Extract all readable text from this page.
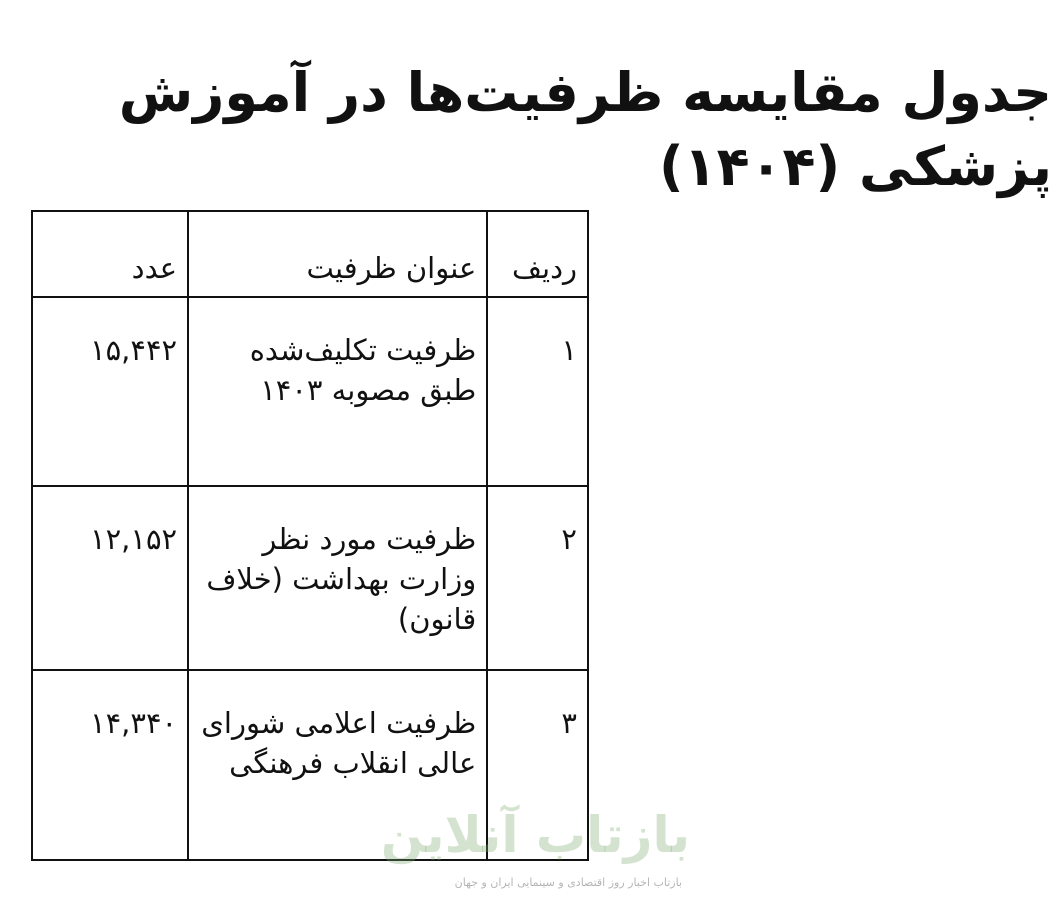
جدول مقایسه ظرفیت‌ها در آموزش پزشکی (۱۴۰۴)
ردیف	عنوان ظرفیت	عدد

۱	ظرفیت تکلیف‌شده طبق مصوبه ۱۴۰۳	۱۵,۴۴۲

۲	ظرفیت مورد نظر وزارت بهداشت (خلاف قانون)	۱۲,۱۵۲

۳	ظرفیت اعلامی شورای عالی انقلاب فرهنگی	۱۴,۳۴۰
بازتاب آنلاین
بازتاب اخبار روز اقتصادی و سینمایی ایران و جهان
